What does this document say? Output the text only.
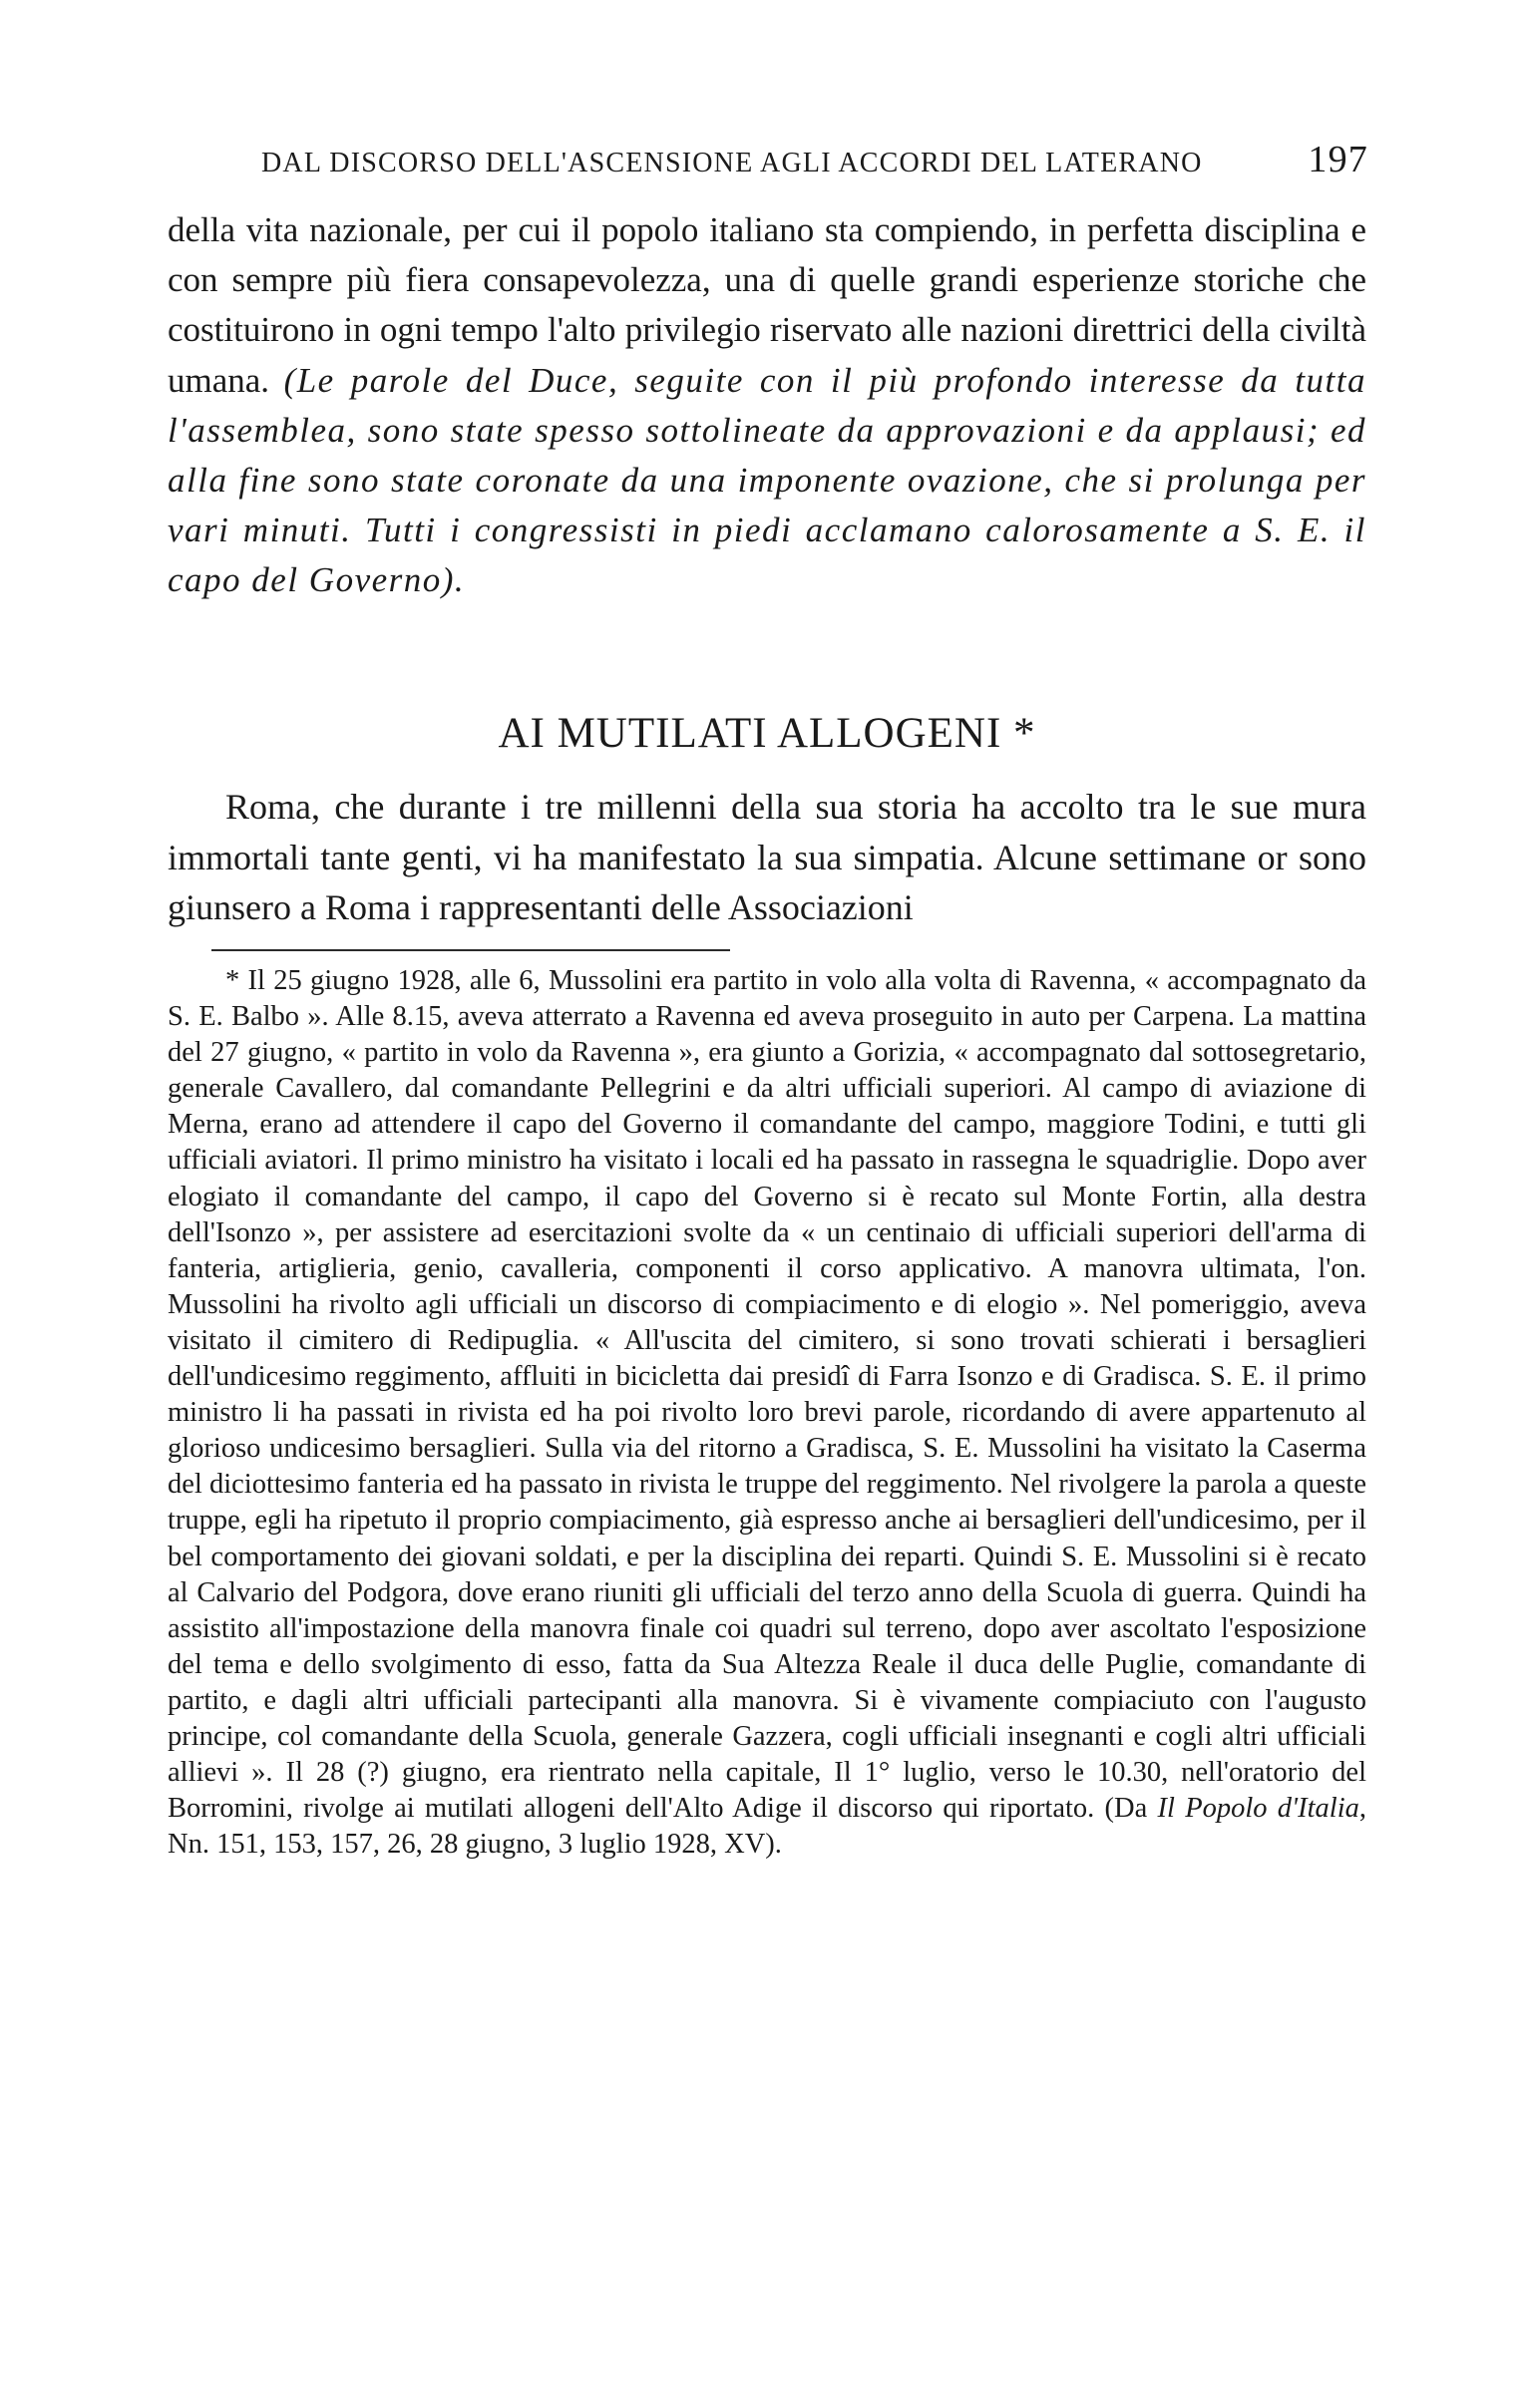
DAL DISCORSO DELL'ASCENSIONE AGLI ACCORDI DEL LATERANO	197
della vita nazionale, per cui il popolo italiano sta compiendo, in perfetta disciplina e con sempre più fiera consapevolezza, una di quelle grandi esperienze storiche che costituirono in ogni tempo l'alto privilegio riservato alle nazioni direttrici della civiltà umana. (Le parole del Duce, seguite con il più profondo interesse da tutta l'assemblea, sono state spesso sottolineate da approvazioni e da applausi; ed alla fine sono state coronate da una imponente ovazione, che si prolunga per vari minuti. Tutti i congressisti in piedi acclamano calorosamente a S. E. il capo del Governo).
AI MUTILATI ALLOGENI *
Roma, che durante i tre millenni della sua storia ha accolto tra le sue mura immortali tante genti, vi ha manifestato la sua simpatia. Alcune settimane or sono giunsero a Roma i rappresentanti delle Associazioni
* Il 25 giugno 1928, alle 6, Mussolini era partito in volo alla volta di Ravenna, « accompagnato da S. E. Balbo ». Alle 8.15, aveva atterrato a Ravenna ed aveva proseguito in auto per Carpena. La mattina del 27 giugno, « partito in volo da Ravenna », era giunto a Gorizia, « accompagnato dal sottosegretario, generale Cavallero, dal comandante Pellegrini e da altri ufficiali superiori. Al campo di aviazione di Merna, erano ad attendere il capo del Governo il comandante del campo, maggiore Todini, e tutti gli ufficiali aviatori. Il primo ministro ha visitato i locali ed ha passato in rassegna le squadriglie. Dopo aver elogiato il comandante del campo, il capo del Governo si è recato sul Monte Fortin, alla destra dell'Isonzo », per assistere ad esercitazioni svolte da « un centinaio di ufficiali superiori dell'arma di fanteria, artiglieria, genio, cavalleria, componenti il corso applicativo. A manovra ultimata, l'on. Mussolini ha rivolto agli ufficiali un discorso di compiacimento e di elogio ». Nel pomeriggio, aveva visitato il cimitero di Redipuglia. « All'uscita del cimitero, si sono trovati schierati i bersaglieri dell'undicesimo reggimento, affluiti in bicicletta dai presidî di Farra Isonzo e di Gradisca. S. E. il primo ministro li ha passati in rivista ed ha poi rivolto loro brevi parole, ricordando di avere appartenuto al glorioso undicesimo bersaglieri. Sulla via del ritorno a Gradisca, S. E. Mussolini ha visitato la Caserma del diciottesimo fanteria ed ha passato in rivista le truppe del reggimento. Nel rivolgere la parola a queste truppe, egli ha ripetuto il proprio compiacimento, già espresso anche ai bersaglieri dell'undicesimo, per il bel comportamento dei giovani soldati, e per la disciplina dei reparti. Quindi S. E. Mussolini si è recato al Calvario del Podgora, dove erano riuniti gli ufficiali del terzo anno della Scuola di guerra. Quindi ha assistito all'impostazione della manovra finale coi quadri sul terreno, dopo aver ascoltato l'esposizione del tema e dello svolgimento di esso, fatta da Sua Altezza Reale il duca delle Puglie, comandante di partito, e dagli altri ufficiali partecipanti alla manovra. Si è vivamente compiaciuto con l'augusto principe, col comandante della Scuola, generale Gazzera, cogli ufficiali insegnanti e cogli altri ufficiali allievi ». Il 28 (?) giugno, era rientrato nella capitale, Il 1° luglio, verso le 10.30, nell'oratorio del Borromini, rivolge ai mutilati allogeni dell'Alto Adige il discorso qui riportato. (Da Il Popolo d'Italia, Nn. 151, 153, 157, 26, 28 giugno, 3 luglio 1928, XV).
